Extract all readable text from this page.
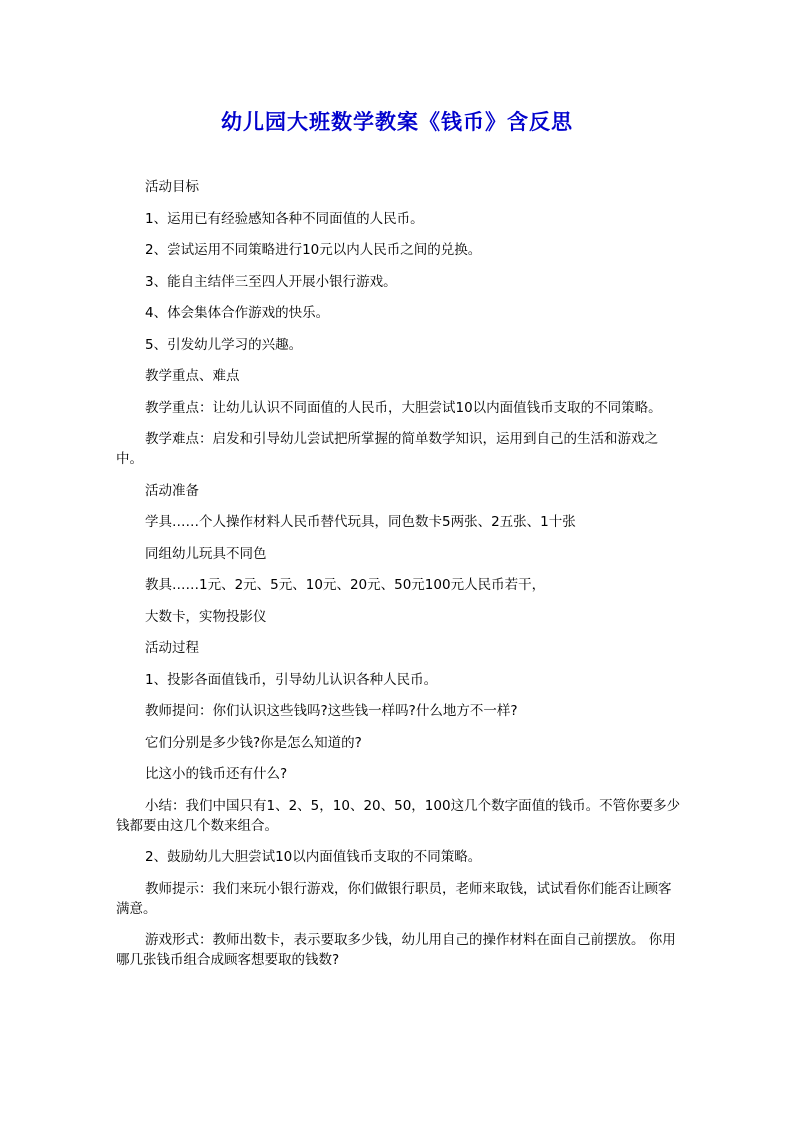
幼儿园大班数学教案《钱币》含反思

活动目标

1、运用已有经验感知各种不同面值的人民币。

2、尝试运用不同策略进行10元以内人民币之间的兑换。

3、能自主结伴三至四人开展小银行游戏。

4、体会集体合作游戏的快乐。

5、引发幼儿学习的兴趣。

教学重点、难点

教学重点：让幼儿认识不同面值的人民币，大胆尝试10以内面值钱币支取的不同策略。

教学难点：启发和引导幼儿尝试把所掌握的简单数学知识，运用到自己的生活和游戏之中。

活动准备

学具……个人操作材料人民币替代玩具，同色数卡5两张、2五张、1十张

同组幼儿玩具不同色

教具……1元、2元、5元、10元、20元、50元100元人民币若干，

大数卡，实物投影仪

活动过程

1、投影各面值钱币，引导幼儿认识各种人民币。

教师提问：你们认识这些钱吗?这些钱一样吗?什么地方不一样?

它们分别是多少钱?你是怎么知道的?

比这小的钱币还有什么?

小结：我们中国只有1、2、5，10、20、50，100这几个数字面值的钱币。不管你要多少钱都要由这几个数来组合。

2、鼓励幼儿大胆尝试10以内面值钱币支取的不同策略。

教师提示：我们来玩小银行游戏，你们做银行职员，老师来取钱，试试看你们能否让顾客满意。

游戏形式：教师出数卡，表示要取多少钱，幼儿用自己的操作材料在面自己前摆放。 你用哪几张钱币组合成顾客想要取的钱数?
